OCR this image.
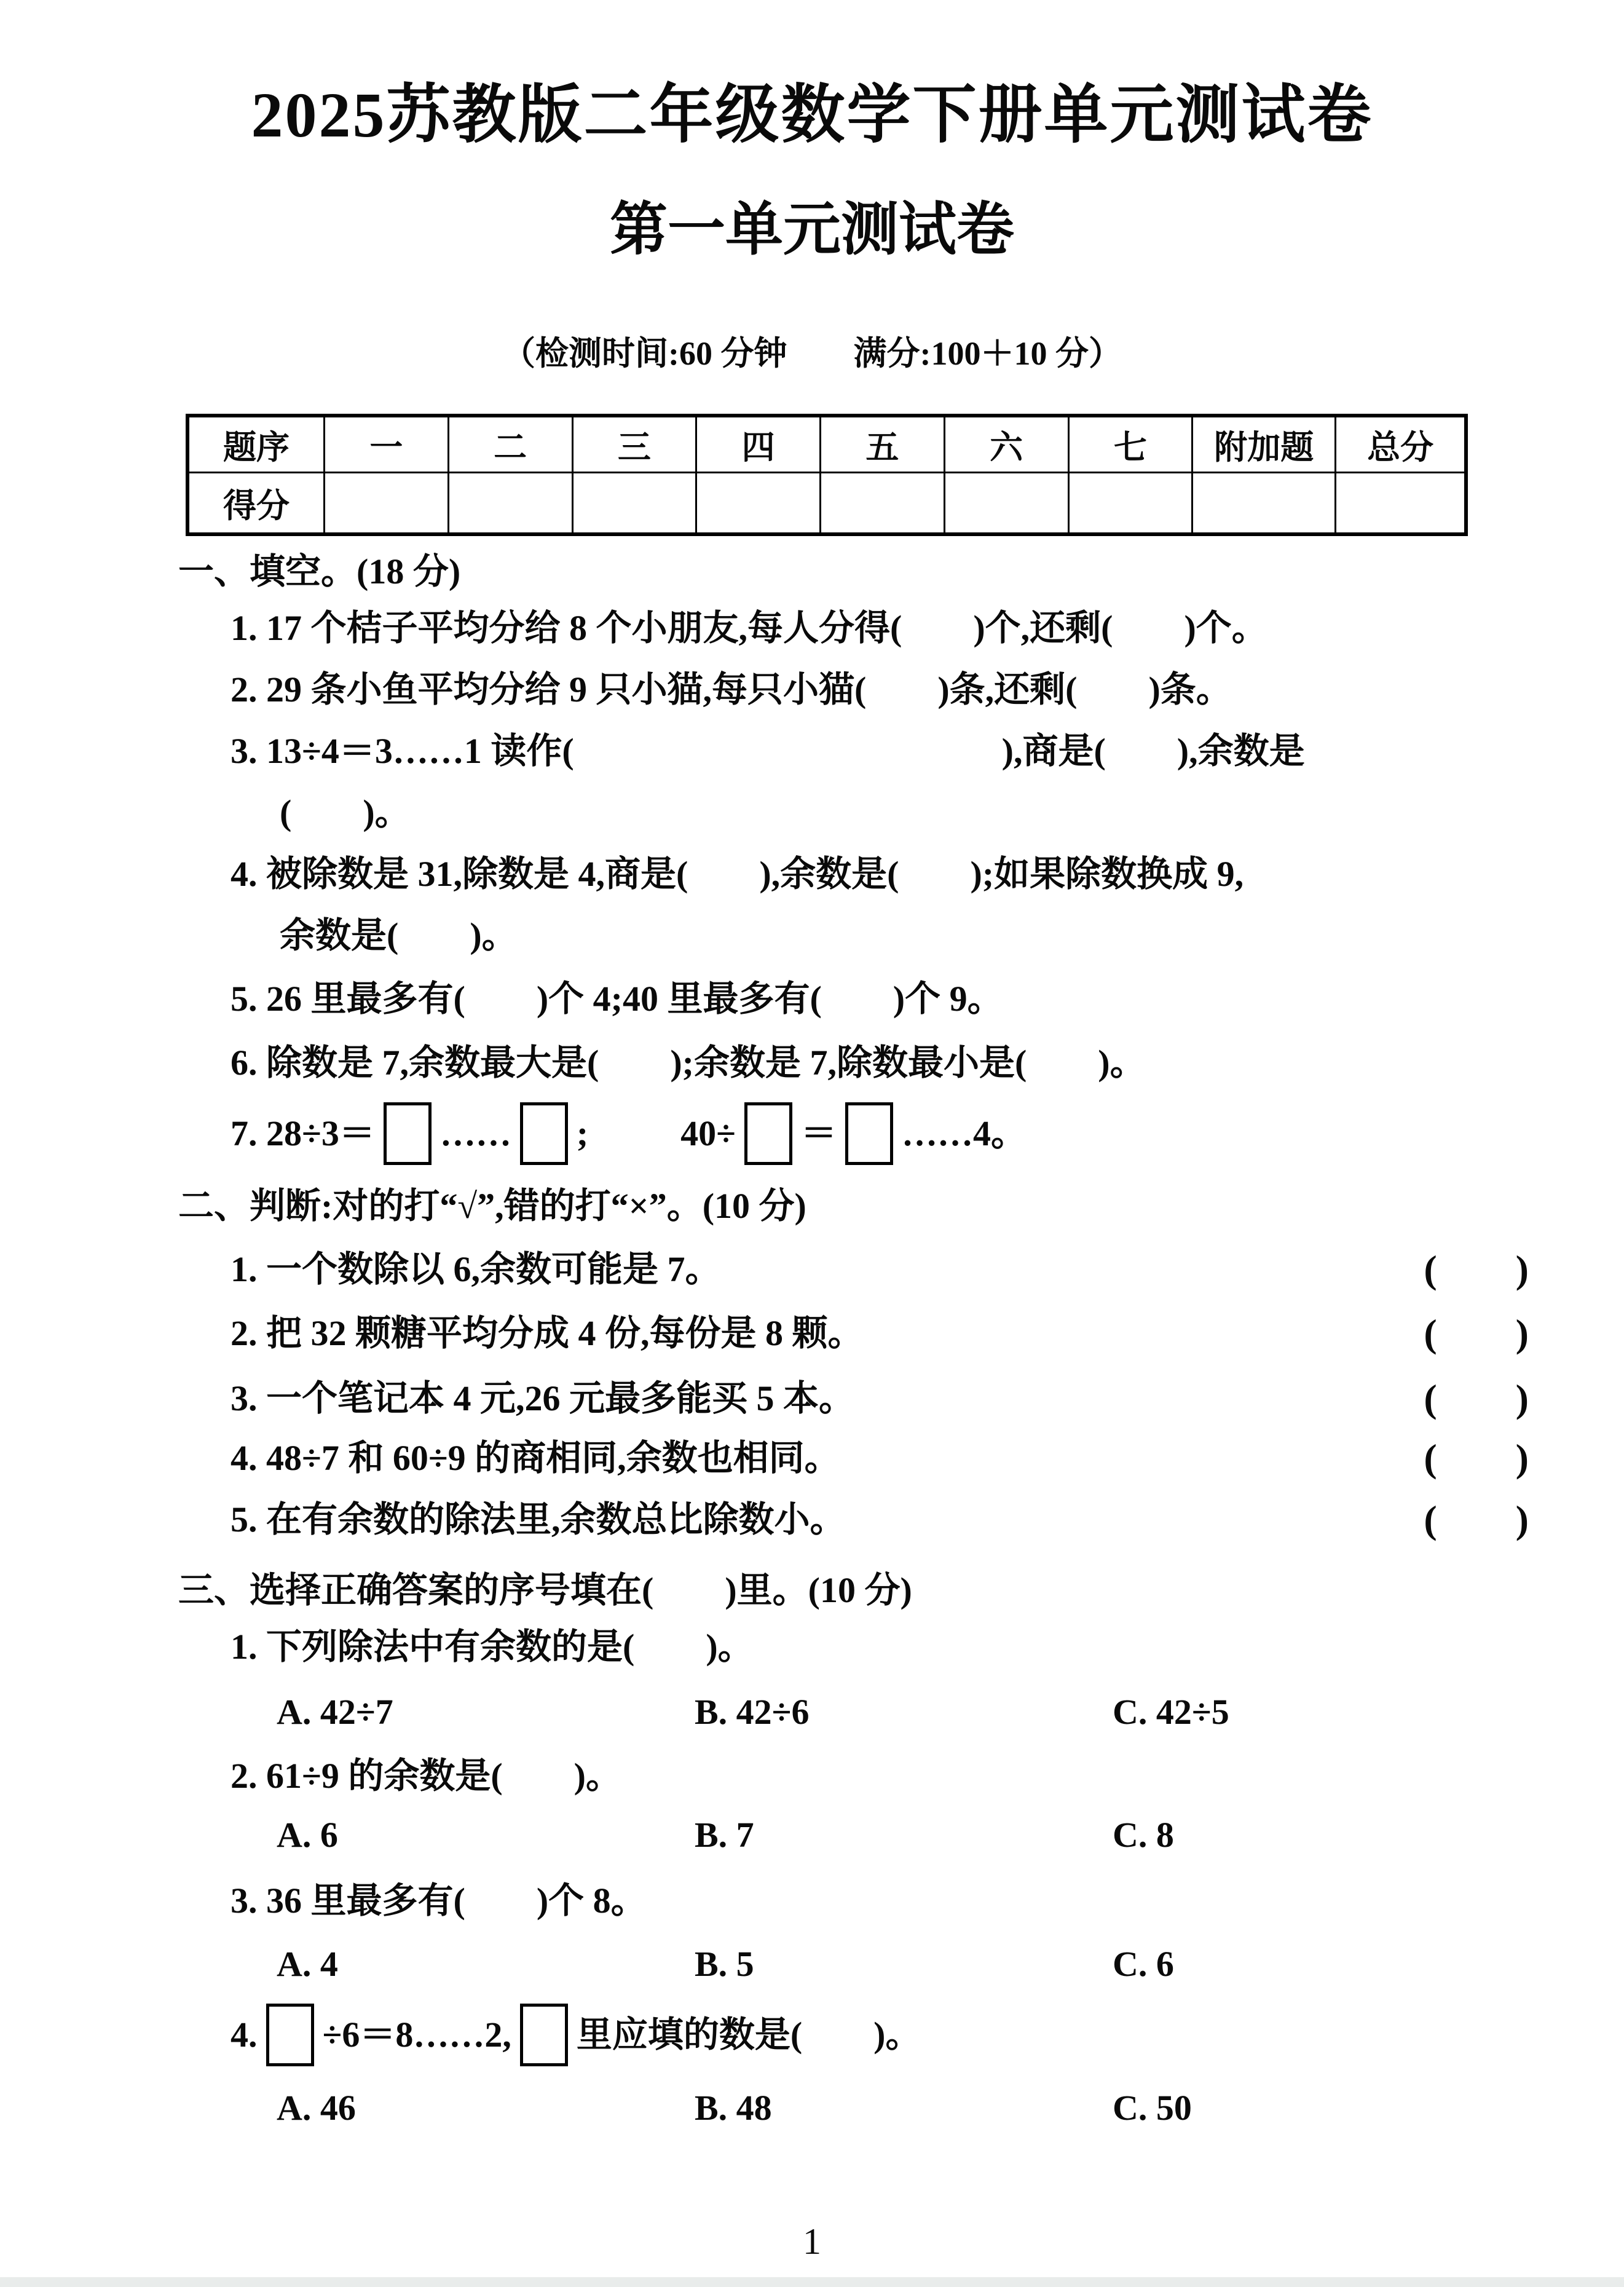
2025苏教版二年级数学下册单元测试卷
第一单元测试卷
（检测时间:60 分钟　　满分:100＋10 分）
题序	一	二	三	四	五	六	七	附加题	总分
得分									
一、填空。(18 分)
1. 17 个桔子平均分给 8 个小朋友,每人分得(　　)个,还剩(　　)个。
2. 29 条小鱼平均分给 9 只小猫,每只小猫(　　)条,还剩(　　)条。
3. 13÷4＝3……1 读作(　　　　　　　　　　　　),商是(　　),余数是
(　　)。
4. 被除数是 31,除数是 4,商是(　　),余数是(　　);如果除数换成 9,
余数是(　　)。
5. 26 里最多有(　　)个 4;40 里最多有(　　)个 9。
6. 除数是 7,余数最大是(　　);余数是 7,除数最小是(　　)。
7. 28÷3＝ …… ;	40÷ ＝ ……4。
二、判断:对的打“√”,错的打“×”。(10 分)
1. 一个数除以 6,余数可能是 7。	(　　)
2. 把 32 颗糖平均分成 4 份,每份是 8 颗。	(　　)
3. 一个笔记本 4 元,26 元最多能买 5 本。	(　　)
4. 48÷7 和 60÷9 的商相同,余数也相同。	(　　)
5. 在有余数的除法里,余数总比除数小。	(　　)
三、选择正确答案的序号填在(　　)里。(10 分)
1. 下列除法中有余数的是(　　)。
A. 42÷7	B. 42÷6	C. 42÷5
2. 61÷9 的余数是(　　)。
A. 6	B. 7	C. 8
3. 36 里最多有(　　)个 8。
A. 4	B. 5	C. 6
4. ÷6＝8……2, 里应填的数是(　　)。
A. 46	B. 48	C. 50
1
